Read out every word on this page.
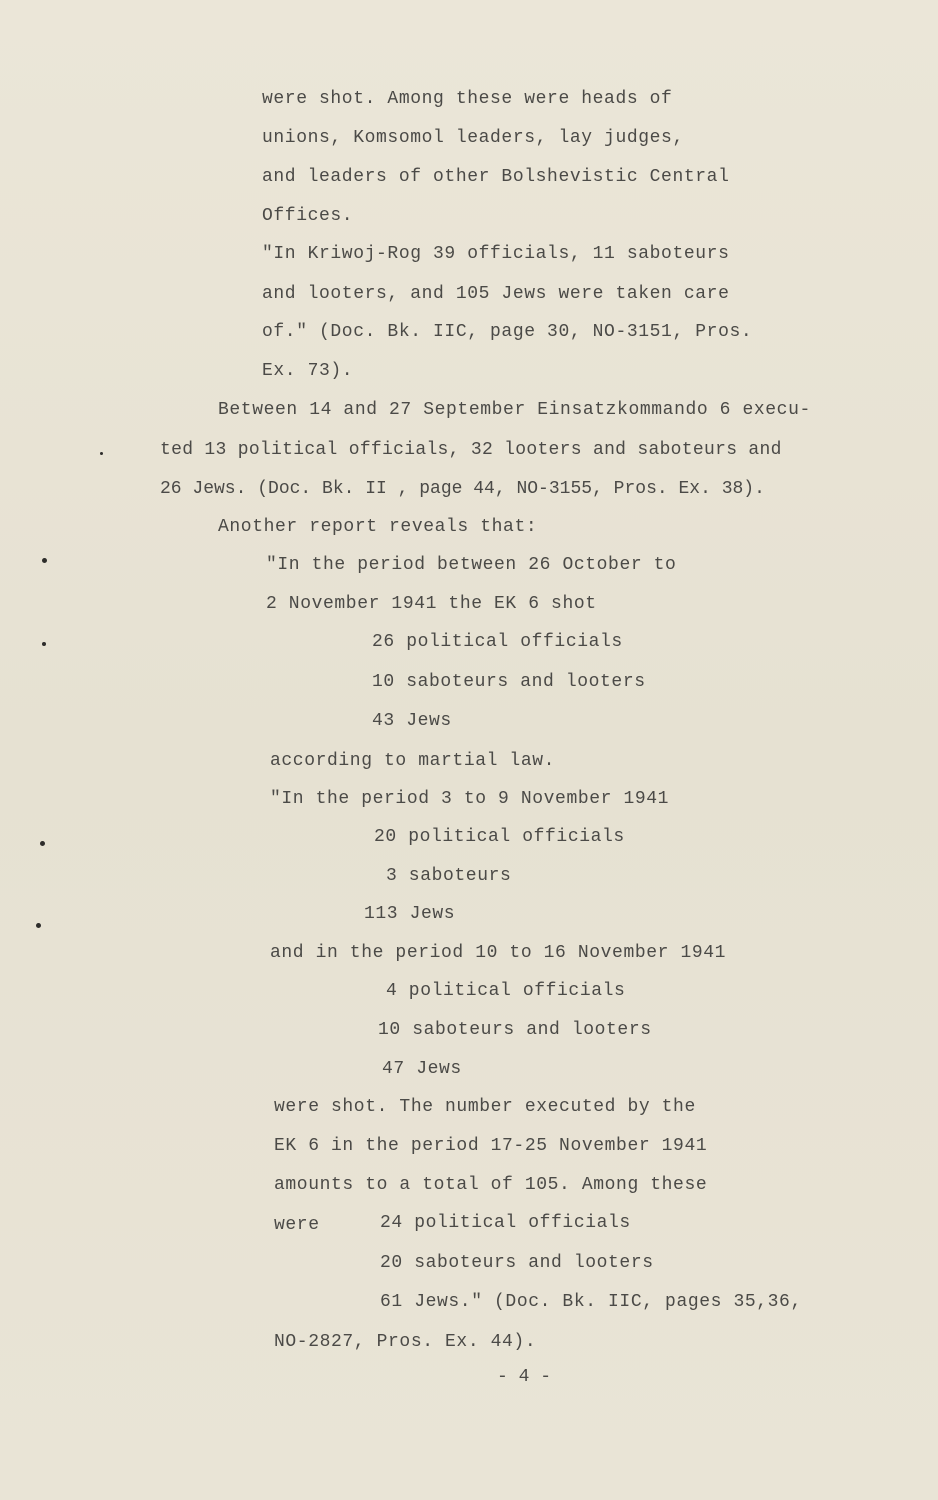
were shot. Among these were heads of
unions, Komsomol leaders, lay judges,
and leaders of other Bolshevistic Central
Offices.
"In Kriwoj-Rog 39 officials, 11 saboteurs
and looters, and 105 Jews were taken care
of." (Doc. Bk. IIC, page 30, NO-3151, Pros.
Ex. 73).
Between 14 and 27 September Einsatzkommando 6 execu-
ted 13 political officials, 32 looters and saboteurs and
26 Jews. (Doc. Bk. II , page 44, NO-3155, Pros. Ex. 38).
Another report reveals that:
"In the period between 26 October to
2 November 1941 the EK 6 shot
26 political officials
10 saboteurs and looters
43 Jews
according to martial law.
"In the period 3 to 9 November 1941
20 political officials
3 saboteurs
113 Jews
and in the period 10 to 16 November 1941
4 political officials
10 saboteurs and looters
47 Jews
were shot. The number executed by the
EK 6 in the period 17-25 November 1941
amounts to a total of 105. Among these
were	24 political officials
20 saboteurs and looters
61 Jews." (Doc. Bk. IIC, pages 35,36,
NO-2827, Pros. Ex. 44).
- 4 -
